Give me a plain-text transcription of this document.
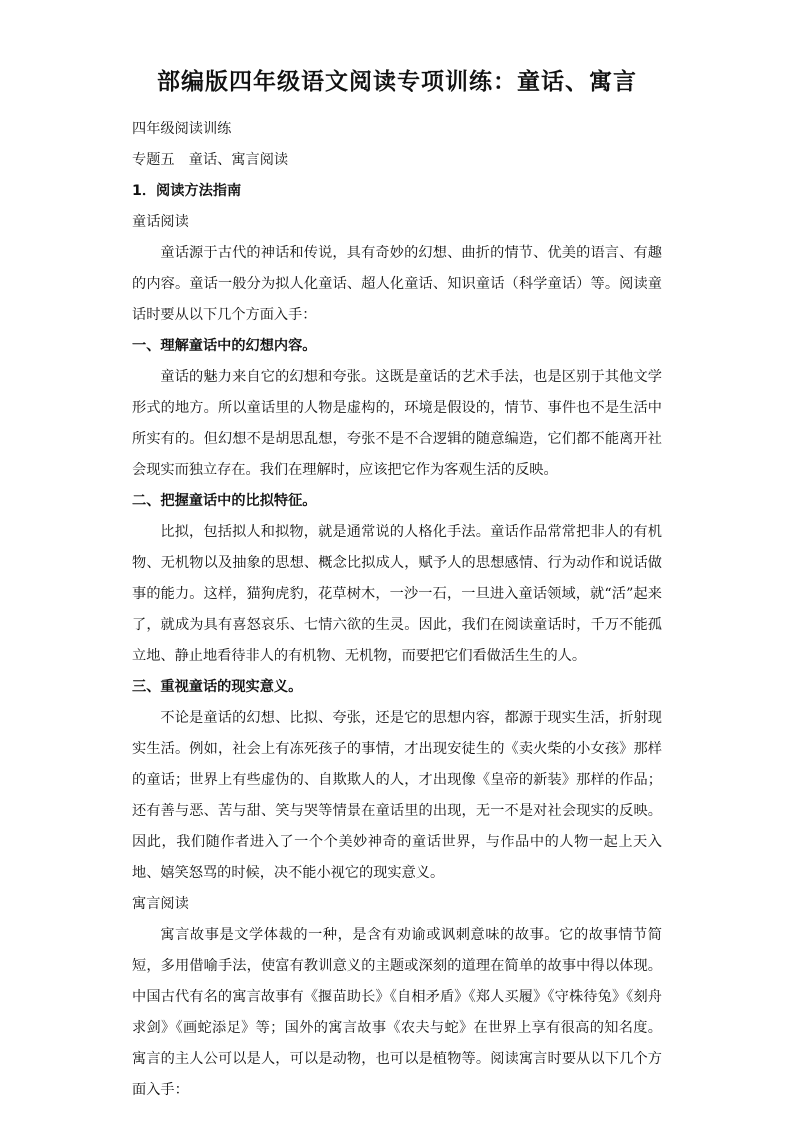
部编版四年级语文阅读专项训练：童话、寓言

四年级阅读训练

专题五　童话、寓言阅读

1．阅读方法指南

童话阅读

童话源于古代的神话和传说，具有奇妙的幻想、曲折的情节、优美的语言、有趣的内容。童话一般分为拟人化童话、超人化童话、知识童话（科学童话）等。阅读童话时要从以下几个方面入手：

一、理解童话中的幻想内容。

童话的魅力来自它的幻想和夸张。这既是童话的艺术手法，也是区别于其他文学形式的地方。所以童话里的人物是虚构的，环境是假设的，情节、事件也不是生活中所实有的。但幻想不是胡思乱想，夸张不是不合逻辑的随意编造，它们都不能离开社会现实而独立存在。我们在理解时，应该把它作为客观生活的反映。

二、把握童话中的比拟特征。

比拟，包括拟人和拟物，就是通常说的人格化手法。童话作品常常把非人的有机物、无机物以及抽象的思想、概念比拟成人，赋予人的思想感情、行为动作和说话做事的能力。这样，猫狗虎豹，花草树木，一沙一石，一旦进入童话领域，就“活”起来了，就成为具有喜怒哀乐、七情六欲的生灵。因此，我们在阅读童话时，千万不能孤立地、静止地看待非人的有机物、无机物，而要把它们看做活生生的人。

三、重视童话的现实意义。

不论是童话的幻想、比拟、夸张，还是它的思想内容，都源于现实生活，折射现实生活。例如，社会上有冻死孩子的事情，才出现安徒生的《卖火柴的小女孩》那样的童话；世界上有些虚伪的、自欺欺人的人，才出现像《皇帝的新装》那样的作品；还有善与恶、苦与甜、笑与哭等情景在童话里的出现，无一不是对社会现实的反映。因此，我们随作者进入了一个个美妙神奇的童话世界，与作品中的人物一起上天入地、嬉笑怒骂的时候，决不能小视它的现实意义。

寓言阅读

寓言故事是文学体裁的一种，是含有劝谕或讽刺意味的故事。它的故事情节简短，多用借喻手法，使富有教训意义的主题或深刻的道理在简单的故事中得以体现。中国古代有名的寓言故事有《揠苗助长》《自相矛盾》《郑人买履》《守株待兔》《刻舟求剑》《画蛇添足》等；国外的寓言故事《农夫与蛇》在世界上享有很高的知名度。寓言的主人公可以是人，可以是动物，也可以是植物等。阅读寓言时要从以下几个方面入手：
